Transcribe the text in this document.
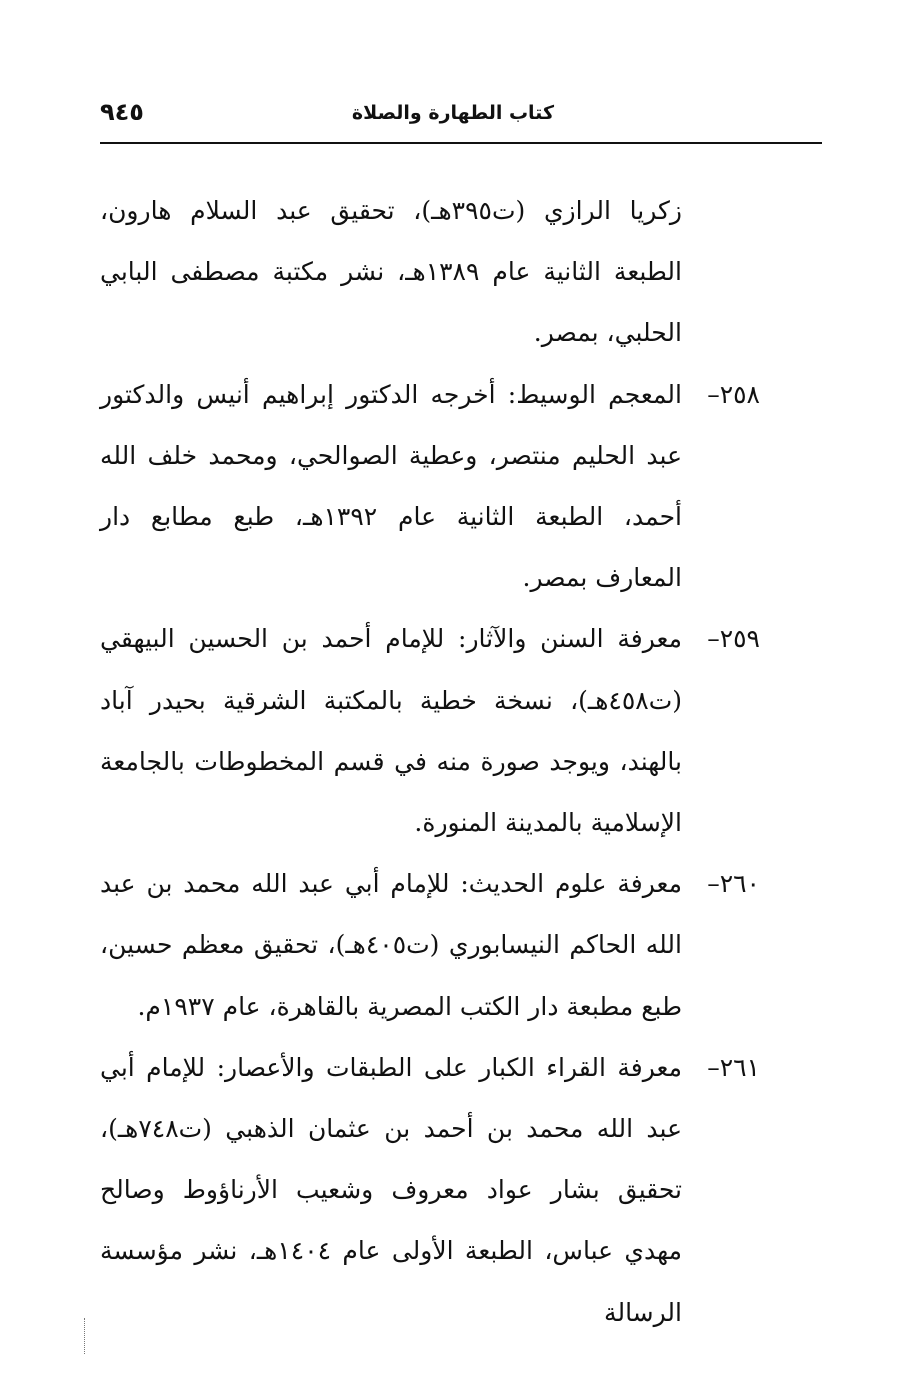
كتاب الطهارة والصلاة
٩٤٥
زكريا الرازي (ت٣٩٥هـ)، تحقيق عبد السلام هارون، الطبعة الثانية عام ١٣٨٩هـ، نشر مكتبة مصطفى البابي الحلبي، بمصر.
٢٥٨–
المعجم الوسيط: أخرجه الدكتور إبراهيم أنيس والدكتور عبد الحليم منتصر، وعطية الصوالحي، ومحمد خلف الله أحمد، الطبعة الثانية عام ١٣٩٢هـ، طبع مطابع دار المعارف بمصر.
٢٥٩–
معرفة السنن والآثار: للإمام أحمد بن الحسين البيهقي (ت٤٥٨هـ)، نسخة خطية بالمكتبة الشرقية بحيدر آباد بالهند، ويوجد صورة منه في قسم المخطوطات بالجامعة الإسلامية بالمدينة المنورة.
٢٦٠–
معرفة علوم الحديث: للإمام أبي عبد الله محمد بن عبد الله الحاكم النيسابوري (ت٤٠٥هـ)، تحقيق معظم حسين، طبع مطبعة دار الكتب المصرية بالقاهرة، عام ١٩٣٧م.
٢٦١–
معرفة القراء الكبار على الطبقات والأعصار: للإمام أبي عبد الله محمد بن أحمد بن عثمان الذهبي (ت٧٤٨هـ)، تحقيق بشار عواد معروف وشعيب الأرناؤوط وصالح مهدي عباس، الطبعة الأولى عام ١٤٠٤هـ، نشر مؤسسة الرسالة
